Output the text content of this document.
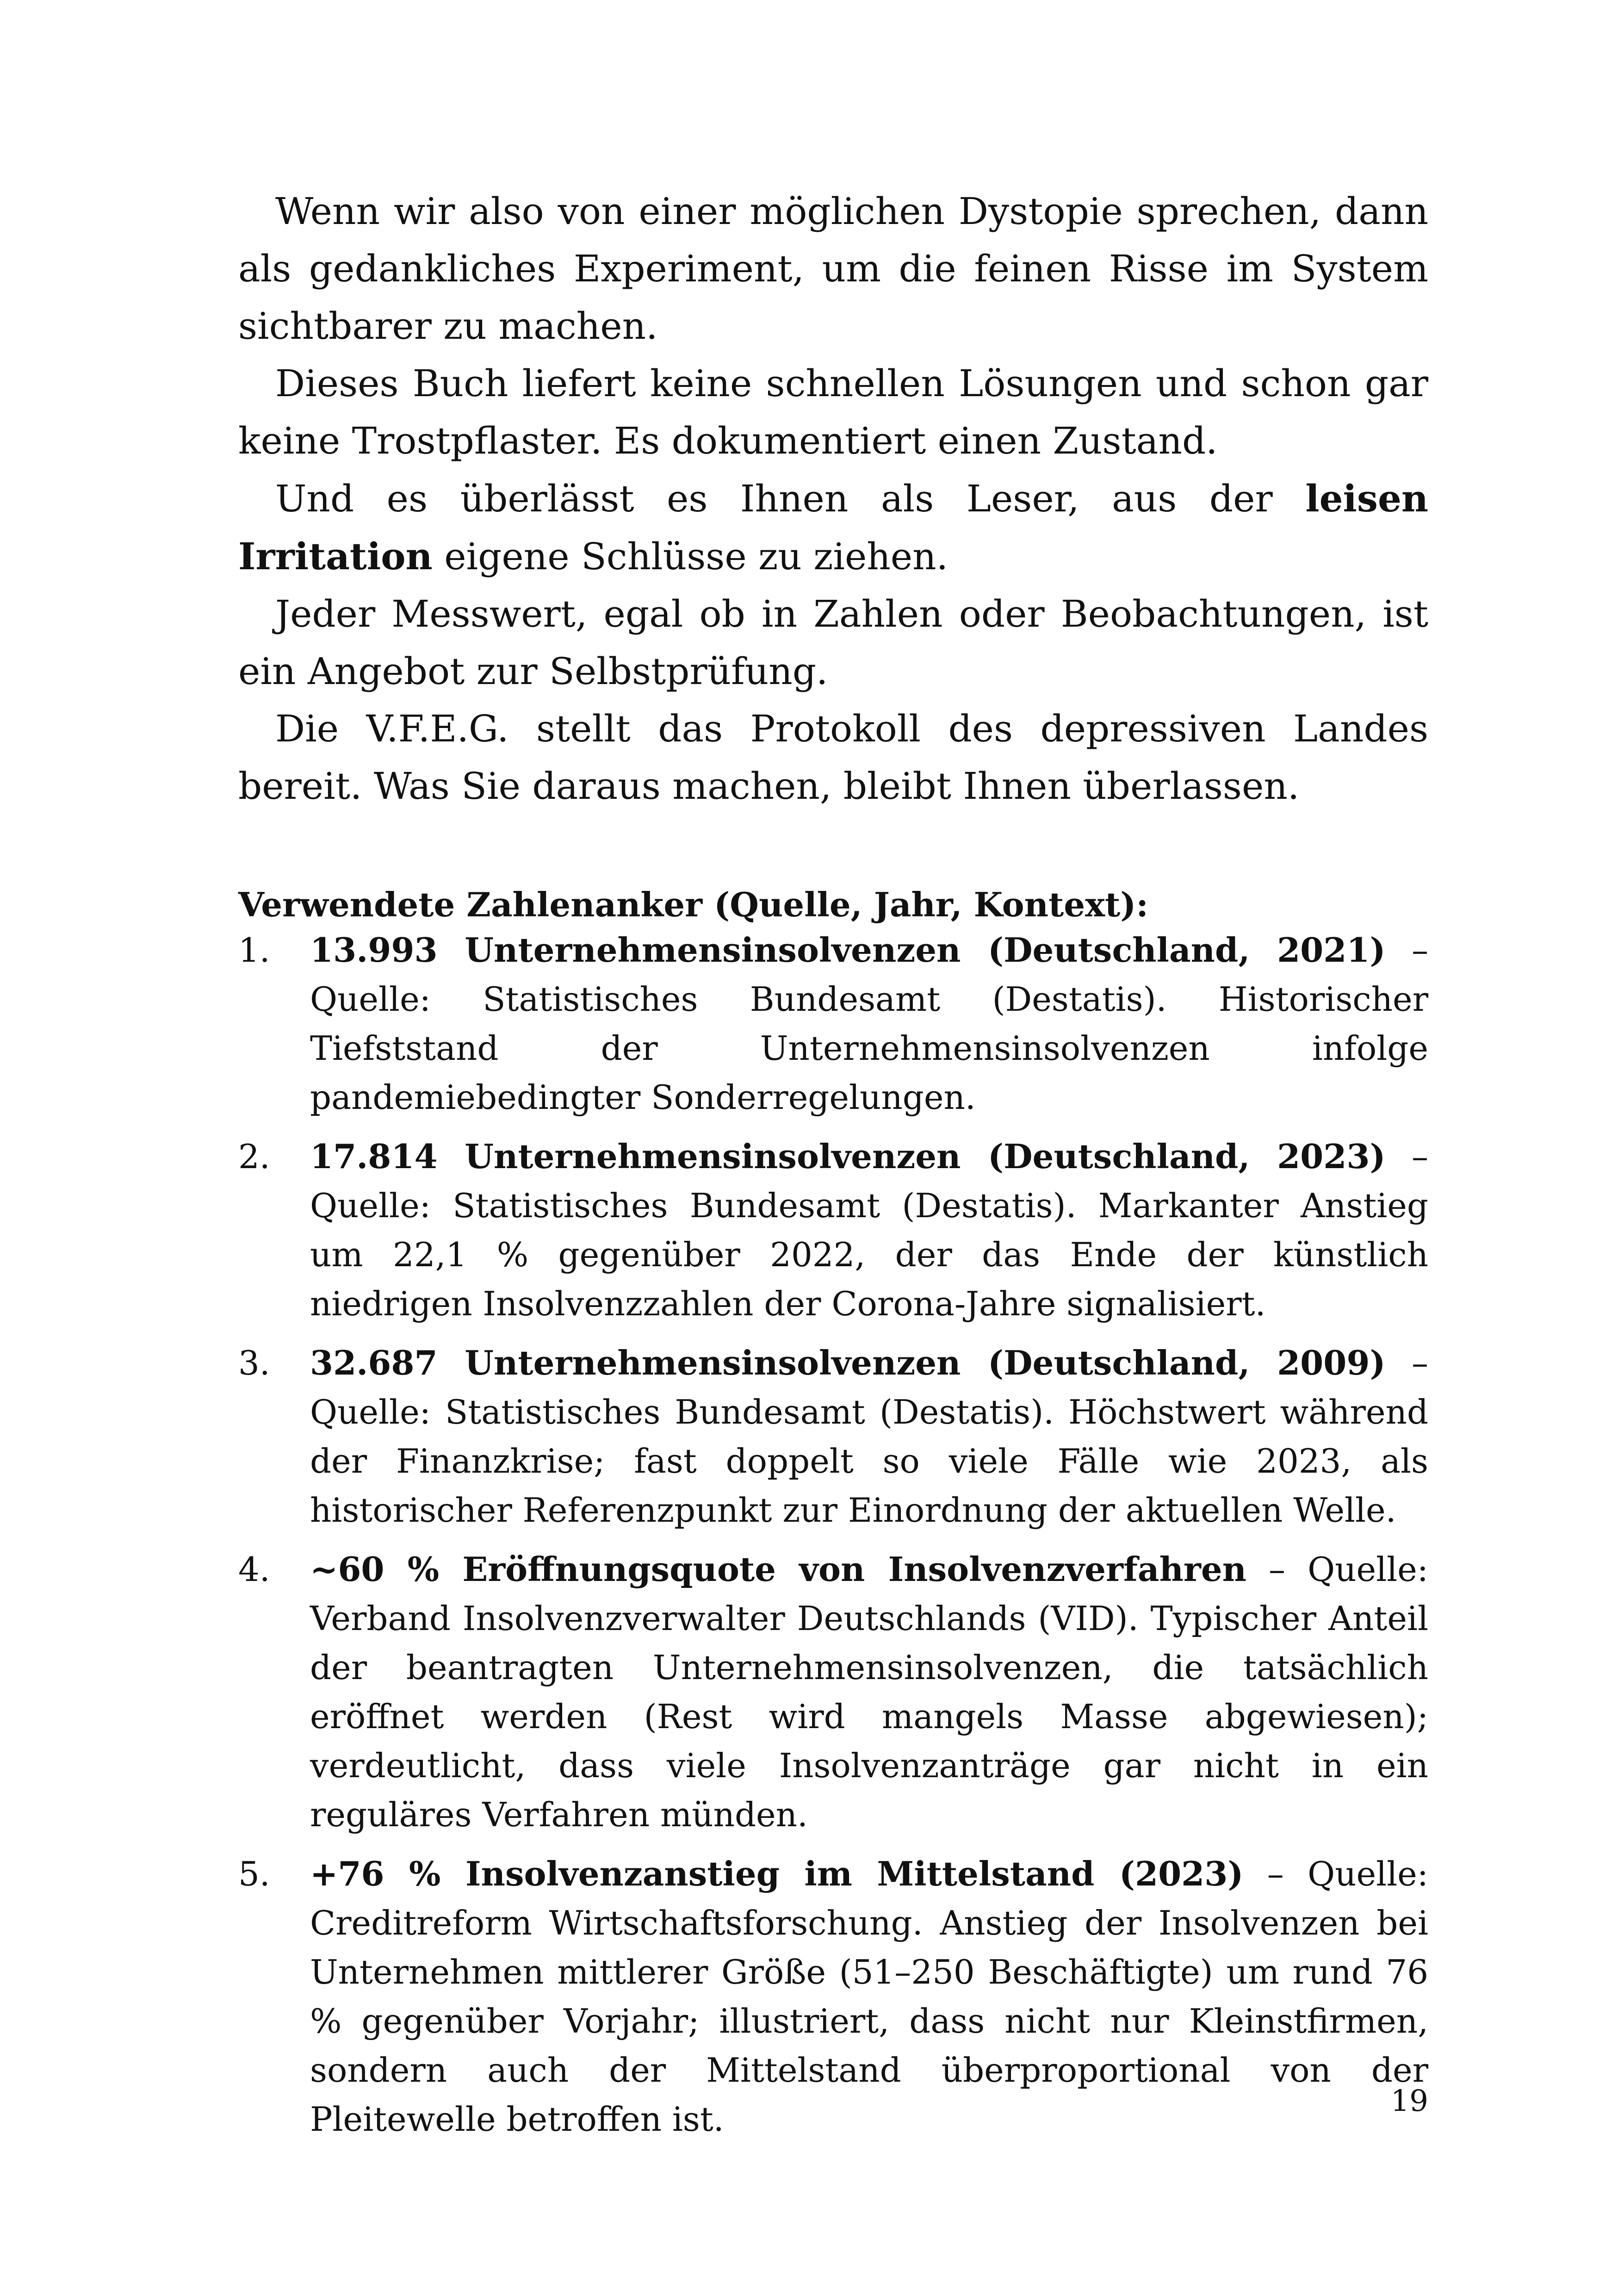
Wenn wir also von einer möglichen Dystopie sprechen, dann als gedankliches Experiment, um die feinen Risse im System sichtbarer zu machen.

Dieses Buch liefert keine schnellen Lösungen und schon gar keine Trostpflaster. Es dokumentiert einen Zustand.

Und es überlässt es Ihnen als Leser, aus der leisen Irritation eigene Schlüsse zu ziehen.

Jeder Messwert, egal ob in Zahlen oder Beobachtungen, ist ein Angebot zur Selbstprüfung.

Die V.F.E.G. stellt das Protokoll des depressiven Landes bereit. Was Sie daraus machen, bleibt Ihnen überlassen.

Verwendete Zahlenanker (Quelle, Jahr, Kontext):
1.	13.993 Unternehmensinsolvenzen (Deutschland, 2021) – Quelle: Statistisches Bundesamt (Destatis). Historischer Tiefststand der Unternehmensinsolvenzen infolge pandemiebedingter Sonderregelungen.
2.	17.814 Unternehmensinsolvenzen (Deutschland, 2023) – Quelle: Statistisches Bundesamt (Destatis). Markanter Anstieg um 22,1 % gegenüber 2022, der das Ende der künstlich niedrigen Insolvenzzahlen der Corona-Jahre signalisiert.
3.	32.687 Unternehmensinsolvenzen (Deutschland, 2009) – Quelle: Statistisches Bundesamt (Destatis). Höchstwert während der Finanzkrise; fast doppelt so viele Fälle wie 2023, als historischer Referenzpunkt zur Einordnung der aktuellen Welle.
4.	~60 % Eröffnungsquote von Insolvenzverfahren – Quelle: Verband Insolvenzverwalter Deutschlands (VID). Typischer Anteil der beantragten Unternehmensinsolvenzen, die tatsächlich eröffnet werden (Rest wird mangels Masse abgewiesen); verdeutlicht, dass viele Insolvenzanträge gar nicht in ein reguläres Verfahren münden.
5.	+76 % Insolvenzanstieg im Mittelstand (2023) – Quelle: Creditreform Wirtschaftsforschung. Anstieg der Insolvenzen bei Unternehmen mittlerer Größe (51–250 Beschäftigte) um rund 76 % gegenüber Vorjahr; illustriert, dass nicht nur Kleinstfirmen, sondern auch der Mittelstand überproportional von der Pleitewelle betroffen ist.	19
